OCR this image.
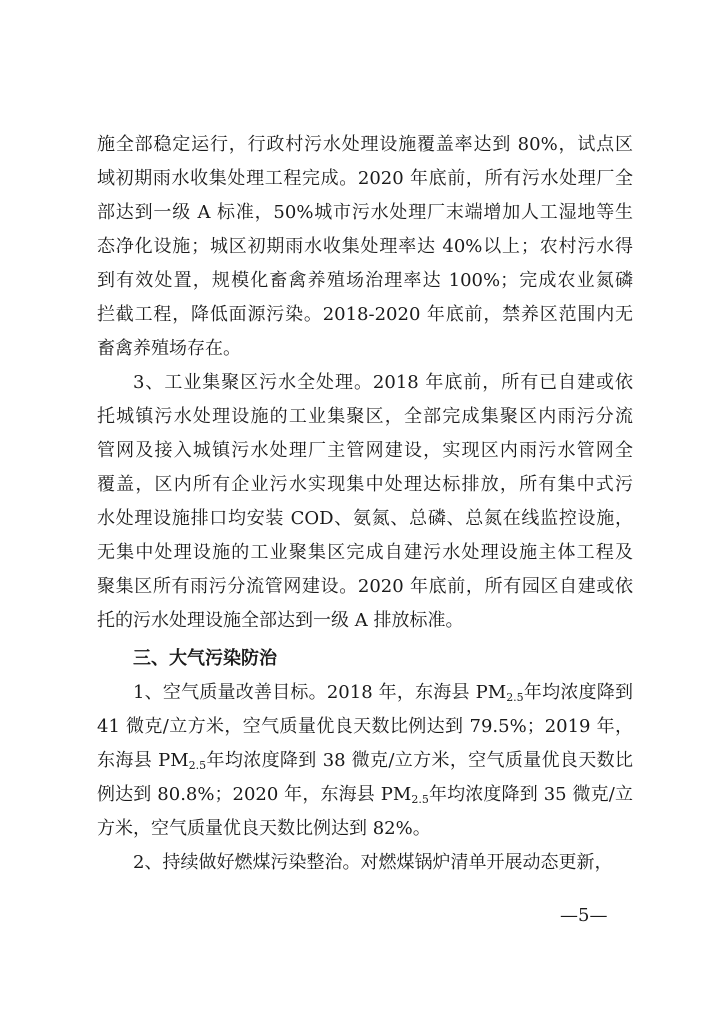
施全部稳定运行，行政村污水处理设施覆盖率达到 80%，试点区
域初期雨水收集处理工程完成。2020 年底前，所有污水处理厂全
部达到一级 A 标准，50%城市污水处理厂末端增加人工湿地等生
态净化设施；城区初期雨水收集处理率达 40%以上；农村污水得
到有效处置，规模化畜禽养殖场治理率达 100%；完成农业氮磷
拦截工程，降低面源污染。2018-2020 年底前，禁养区范围内无
畜禽养殖场存在。
3、工业集聚区污水全处理。2018 年底前，所有已自建或依
托城镇污水处理设施的工业集聚区，全部完成集聚区内雨污分流
管网及接入城镇污水处理厂主管网建设，实现区内雨污水管网全
覆盖，区内所有企业污水实现集中处理达标排放，所有集中式污
水处理设施排口均安装 COD、氨氮、总磷、总氮在线监控设施，
无集中处理设施的工业聚集区完成自建污水处理设施主体工程及
聚集区所有雨污分流管网建设。2020 年底前，所有园区自建或依
托的污水处理设施全部达到一级 A 排放标准。
三、大气污染防治
1、空气质量改善目标。2018 年，东海县 $PM_{2.5}$年均浓度降到
41 微克/立方米，空气质量优良天数比例达到 79.5%；2019 年，
东海县 $PM_{2.5}$年均浓度降到 38 微克/立方米，空气质量优良天数比
例达到 80.8%；2020 年，东海县 $PM_{2.5}$年均浓度降到 35 微克/立
方米，空气质量优良天数比例达到 82%。
2、持续做好燃煤污染整治。对燃煤锅炉清单开展动态更新，
—5—
